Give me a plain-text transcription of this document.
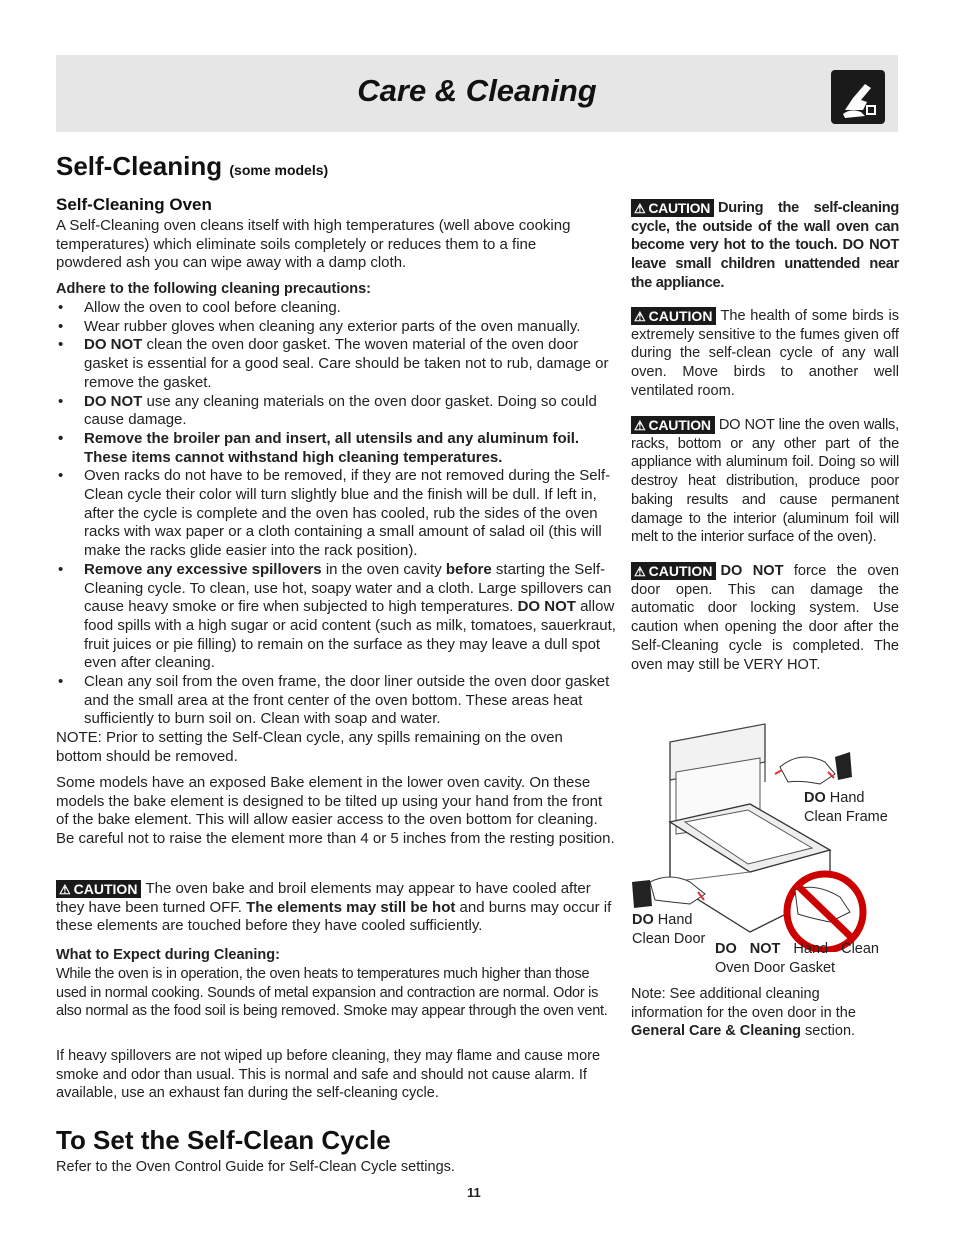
Care & Cleaning
Self-Cleaning (some models)
Self-Cleaning Oven
A Self-Cleaning oven cleans itself with high temperatures (well above cooking temperatures) which eliminate soils completely or reduces them to a fine powdered ash you can wipe away with a damp cloth.
Adhere to the following cleaning precautions:
• Allow the oven to cool before cleaning.
• Wear rubber gloves when cleaning any exterior parts of the oven manually.
• DO NOT clean the oven door gasket. The woven material of the oven door gasket is essential for a good seal. Care should be taken not to rub, damage or remove the gasket.
• DO NOT use any cleaning materials on the oven door gasket. Doing so could cause damage.
• Remove the broiler pan and insert, all utensils and any aluminum foil. These items cannot withstand high cleaning temperatures.
• Oven racks do not have to be removed, if they are not removed during the Self-Clean cycle their color will turn slightly blue and the finish will be dull. If left in, after the cycle is complete and the oven has cooled, rub the sides of the oven racks with wax paper or a cloth containing a small amount of salad oil (this will make the racks glide easier into the rack position).
• Remove any excessive spillovers in the oven cavity before starting the Self-Cleaning cycle. To clean, use hot, soapy water and a cloth. Large spillovers can cause heavy smoke or fire when subjected to high temperatures. DO NOT allow food spills with a high sugar or acid content (such as milk, tomatoes, sauerkraut, fruit juices or pie filling) to remain on the surface as they may leave a dull spot even after cleaning.
• Clean any soil from the oven frame, the door liner outside the oven door gasket and the small area at the front center of the oven bottom. These areas heat sufficiently to burn soil on. Clean with soap and water.
NOTE: Prior to setting the Self-Clean cycle, any spills remaining on the oven bottom should be removed.
Some models have an exposed Bake element in the lower oven cavity. On these models the bake element is designed to be tilted up using your hand from the front of the bake element. This will allow easier access to the oven bottom for cleaning. Be careful not to raise the element more than 4 or 5 inches from the resting position.
⚠ CAUTION The oven bake and broil elements may appear to have cooled after they have been turned OFF. The elements may still be hot and burns may occur if these elements are touched before they have cooled sufficiently.
What to Expect during Cleaning:
While the oven is in operation, the oven heats to temperatures much higher than those used in normal cooking. Sounds of metal expansion and contraction are normal. Odor is also normal as the food soil is being removed. Smoke may appear through the oven vent.
If heavy spillovers are not wiped up before cleaning, they may flame and cause more smoke and odor than usual. This is normal and safe and should not cause alarm. If available, use an exhaust fan during the self-cleaning cycle.
To Set the Self-Clean Cycle
Refer to the Oven Control Guide for Self-Clean Cycle settings.
11
⚠ CAUTION During the self-cleaning cycle, the outside of the wall oven can become very hot to the touch. DO NOT leave small children unattended near the appliance.
⚠ CAUTION The health of some birds is extremely sensitive to the fumes given off during the self-clean cycle of any wall oven. Move birds to another well ventilated room.
⚠ CAUTION DO NOT line the oven walls, racks, bottom or any other part of the appliance with aluminum foil. Doing so will destroy heat distribution, produce poor baking results and cause permanent damage to the interior (aluminum foil will melt to the interior surface of the oven).
⚠ CAUTION DO NOT force the oven door open. This can damage the automatic door locking system. Use caution when opening the door after the Self-Cleaning cycle is completed. The oven may still be VERY HOT.
DO Hand Clean Frame
DO Hand Clean Door
DO NOT Hand Clean Oven Door Gasket
Note: See additional cleaning information for the oven door in the General Care & Cleaning section.
